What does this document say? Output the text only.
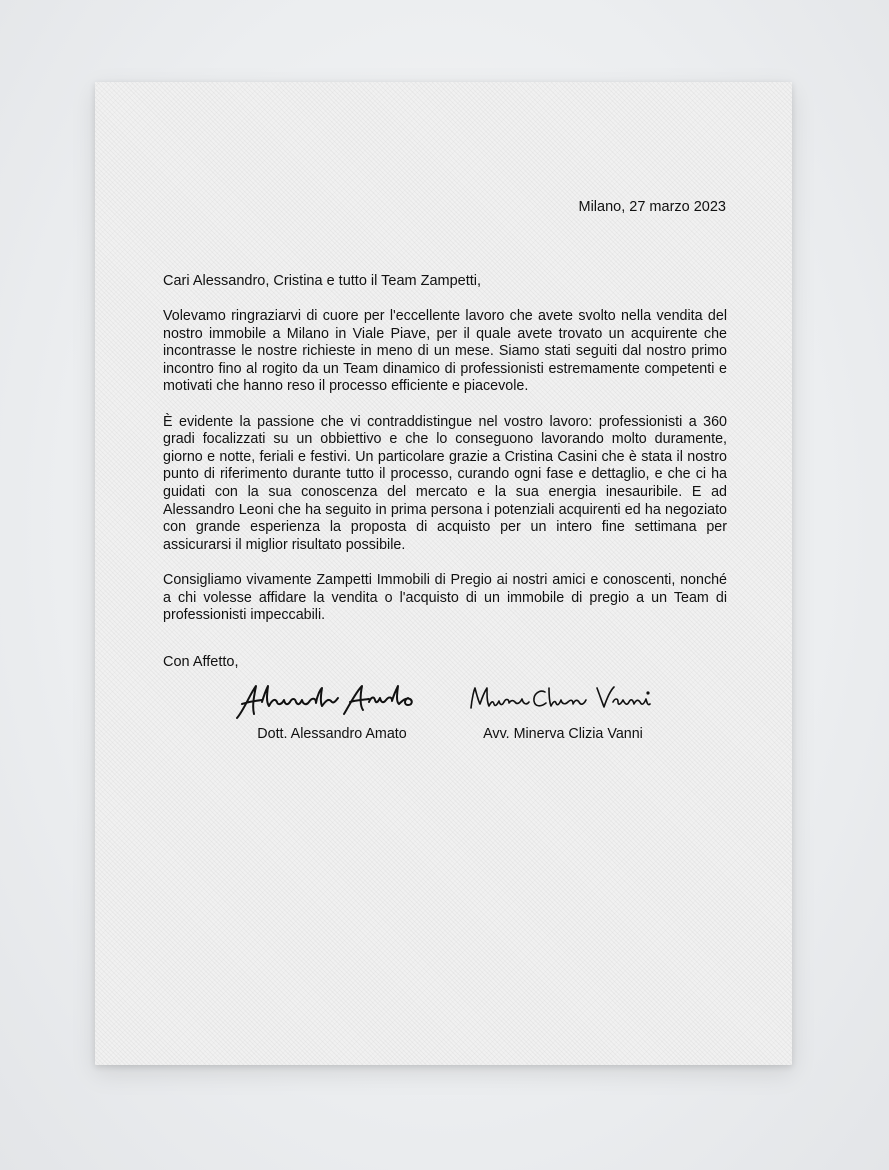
Milano, 27 marzo 2023
Cari Alessandro, Cristina e tutto il Team Zampetti,

Volevamo ringraziarvi di cuore per l'eccellente lavoro che avete svolto nella vendita del nostro immobile a Milano in Viale Piave, per il quale avete trovato un acquirente che incontrasse le nostre richieste in meno di un mese. Siamo stati seguiti dal nostro primo incontro fino al rogito da un Team dinamico di professionisti estremamente competenti e motivati che hanno reso il processo efficiente e piacevole.

È evidente la passione che vi contraddistingue nel vostro lavoro: professionisti a 360 gradi focalizzati su un obbiettivo e che lo conseguono lavorando molto duramente, giorno e notte, feriali e festivi. Un particolare grazie a Cristina Casini che è stata il nostro punto di riferimento durante tutto il processo, curando ogni fase e dettaglio, e che ci ha guidati con la sua conoscenza del mercato e la sua energia inesauribile. E ad Alessandro Leoni che ha seguito in prima persona i potenziali acquirenti ed ha negoziato con grande esperienza la proposta di acquisto per un intero fine settimana per assicurarsi il miglior risultato possibile.

Consigliamo vivamente Zampetti Immobili di Pregio ai nostri amici e conoscenti, nonché a chi volesse affidare la vendita o l'acquisto di un immobile di pregio a un Team di professionisti impeccabili.

Con Affetto,
Dott. Alessandro Amato	Avv. Minerva Clizia Vanni
